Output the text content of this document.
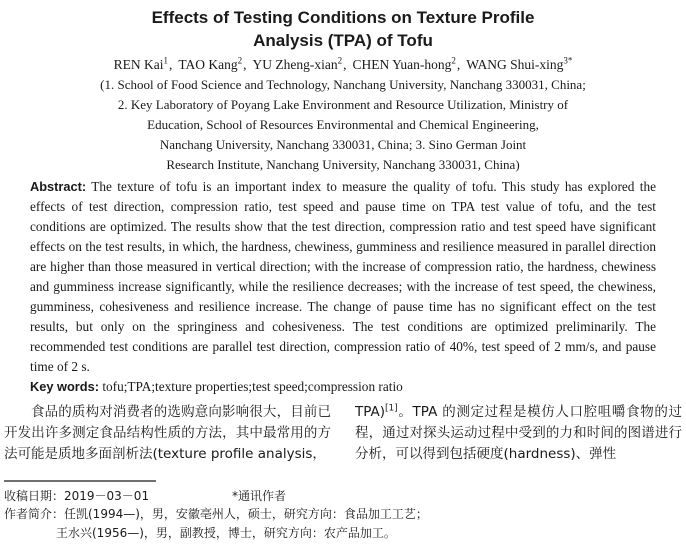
Effects of Testing Conditions on Texture Profile
Analysis (TPA) of Tofu
REN Kai$^1$, TAO Kang$^2$, YU Zheng-xian$^2$, CHEN Yuan-hong$^2$, WANG Shui-xing$^{3*}$
(1. School of Food Science and Technology, Nanchang University, Nanchang 330031, China;
2. Key Laboratory of Poyang Lake Environment and Resource Utilization, Ministry of
Education, School of Resources Environmental and Chemical Engineering,
Nanchang University, Nanchang 330031, China; 3. Sino German Joint
Research Institute, Nanchang University, Nanchang 330031, China)

Abstract: The texture of tofu is an important index to measure the quality of tofu. This study has explored the effects of test direction, compression ratio, test speed and pause time on TPA test value of tofu, and the test conditions are optimized. The results show that the test direction, compression ratio and test speed have significant effects on the test results, in which, the hardness, chewiness, gumminess and resilience measured in parallel direction are higher than those measured in vertical direction; with the increase of compression ratio, the hardness, chewiness and gumminess increase significantly, while the resilience decreases; with the increase of test speed, the chewiness, gumminess, cohesiveness and resilience increase. The change of pause time has no significant effect on the test results, but only on the springiness and cohesiveness. The test conditions are optimized preliminarily. The recommended test conditions are parallel test direction, compression ratio of 40%, test speed of 2 mm/s, and pause time of 2 s.

Key words: tofu;TPA;texture properties;test speed;compression ratio

食品的质构对消费者的选购意向影响很大，目前已开发出许多测定食品结构性质的方法，其中最常用的方法可能是质地多面剖析法(texture profile analysis，

TPA)[1]。TPA 的测定过程是模仿人口腔咀嚼食物的过程，通过对探头运动过程中受到的力和时间的图谱进行分析，可以得到包括硬度(hardness)、弹性

收稿日期：2019－03－01	*通讯作者
作者简介：任凯(1994—)，男，安徽亳州人，硕士，研究方向：食品加工工艺；
王水兴(1956—)，男，副教授，博士，研究方向：农产品加工。
